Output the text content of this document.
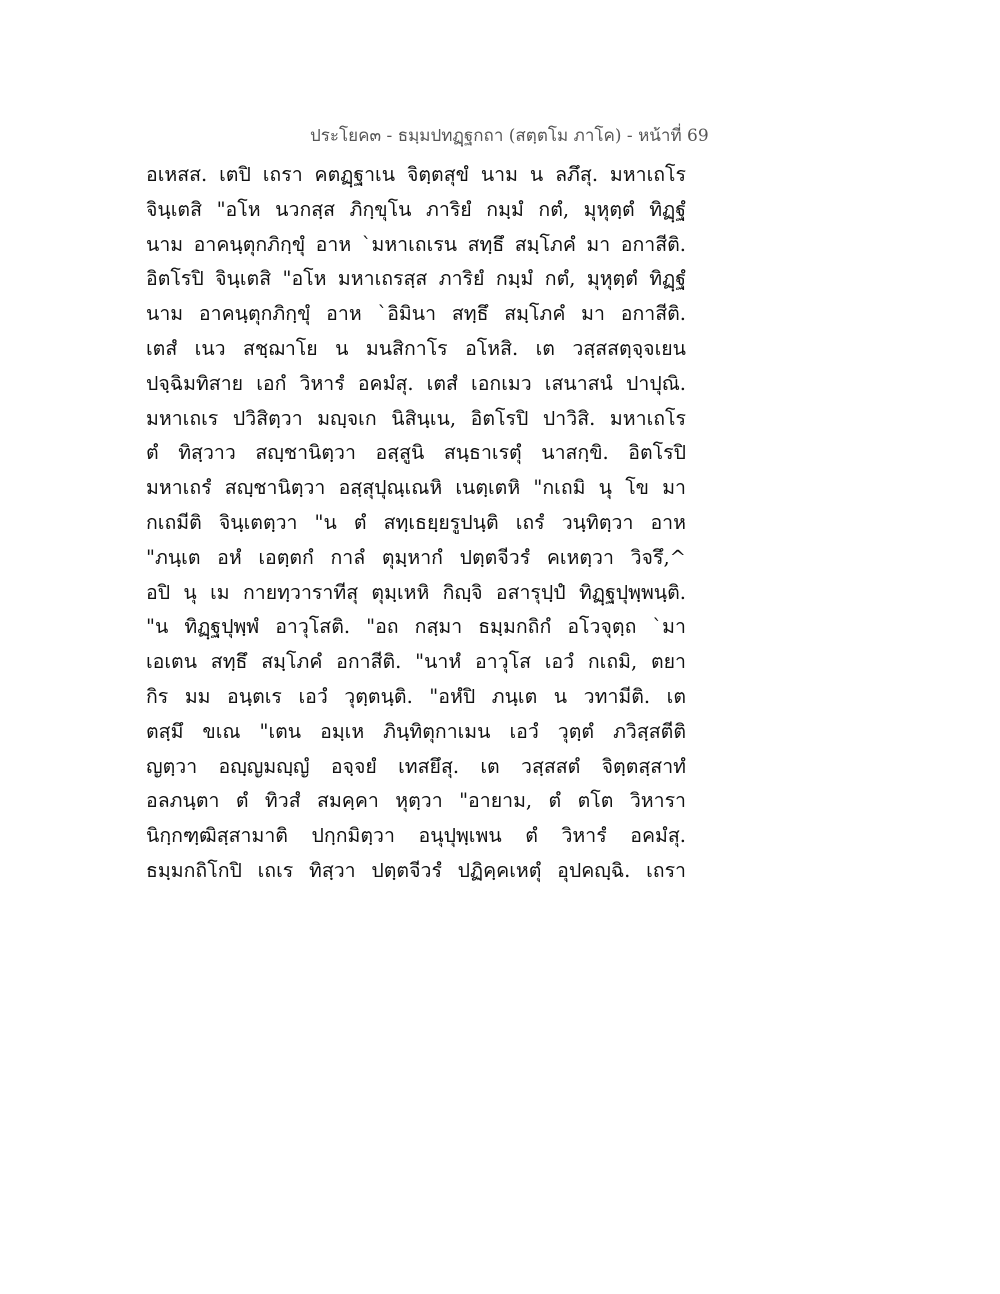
ประโยค๓ - ธมฺมปทฏฺฐกถา (สตฺตโม ภาโค) - หน้าที่ 69
อเหสส. เตปิ เถรา คตฏฺฐาเน จิตฺตสุขํ นาม น ลภึสุ. มหาเถโร
จินฺเตสิ "อโห นวกสฺส ภิกฺขุโน ภาริยํ กมฺมํ กตํ, มุหุตฺตํ ทิฏฺฐํ
นาม อาคนฺตุกภิกฺขุํ อาห `มหาเถเรน สทฺธึ สมฺโภคํ มา อกาสีติ.
อิตโรปิ จินฺเตสิ "อโห มหาเถรสฺส ภาริยํ กมฺมํ กตํ, มุหุตฺตํ ทิฏฺฐํ
นาม อาคนฺตุกภิกฺขุํ อาห `อิมินา สทฺธึ สมฺโภคํ มา อกาสีติ.
เตสํ เนว สชฺฌาโย น มนสิกาโร อโหสิ. เต วสฺสสตฺจฺจเยน
ปจฺฉิมทิสาย เอกํ วิหารํ อคมํสุ. เตสํ เอกเมว เสนาสนํ ปาปุณิ.
มหาเถเร ปวิสิตฺวา มญฺจเก นิสินฺเน, อิตโรปิ ปาวิสิ. มหาเถโร
ตํ ทิสฺวาว สญฺชานิตฺวา อสฺสูนิ สนฺธาเรตุํ นาสกฺขิ. อิตโรปิ
มหาเถรํ สญฺชานิตฺวา อสฺสุปุณฺเณหิ เนตฺเตหิ "กเถมิ นุ โข มา
กเถมีติ จินฺเตตฺวา "น ตํ สทฺเธยฺยรูปนฺติ เถรํ วนฺทิตฺวา อาห
"ภนฺเต อหํ เอตฺตกํ กาลํ ตุมฺหากํ ปตฺตจีวรํ คเหตฺวา วิจรึ,^
อปิ นุ เม กายทฺวาราทีสุ ตุมฺเหหิ กิญฺจิ อสารุปฺปํ ทิฏฺฐปุพฺพนฺติ.
"น ทิฏฺฐปุพฺพํ อาวุโสติ. "อถ กสฺมา ธมฺมกถิกํ อโวจุตฺถ `มา
เอเตน สทฺธึ สมฺโภคํ อกาสีติ. "นาหํ อาวุโส เอวํ กเถมิ, ตยา
กิร มม อนฺตเร เอวํ วุตฺตนฺติ. "อหํปิ ภนฺเต น วทามีติ. เต
ตสฺมึ ขเณ "เตน อมฺเห ภินฺทิตุกาเมน เอวํ วุตฺตํ ภวิสฺสตีติ
ญตฺวา อญฺญมญฺญํ อจฺจยํ เทสยึสุ. เต วสฺสสตํ จิตฺตสฺสาทํ
อลภนฺตา ตํ ทิวสํ สมคฺคา หุตฺวา "อายาม, ตํ ตโต วิหารา
นิกฺกฑฺฒิสฺสามาติ ปกฺกมิตฺวา อนุปุพฺเพน ตํ วิหารํ อคมํสุ.
ธมฺมกถิโกปิ เถเร ทิสฺวา ปตฺตจีวรํ ปฏิคฺคเหตุํ อุปคญฺฉิ. เถรา
